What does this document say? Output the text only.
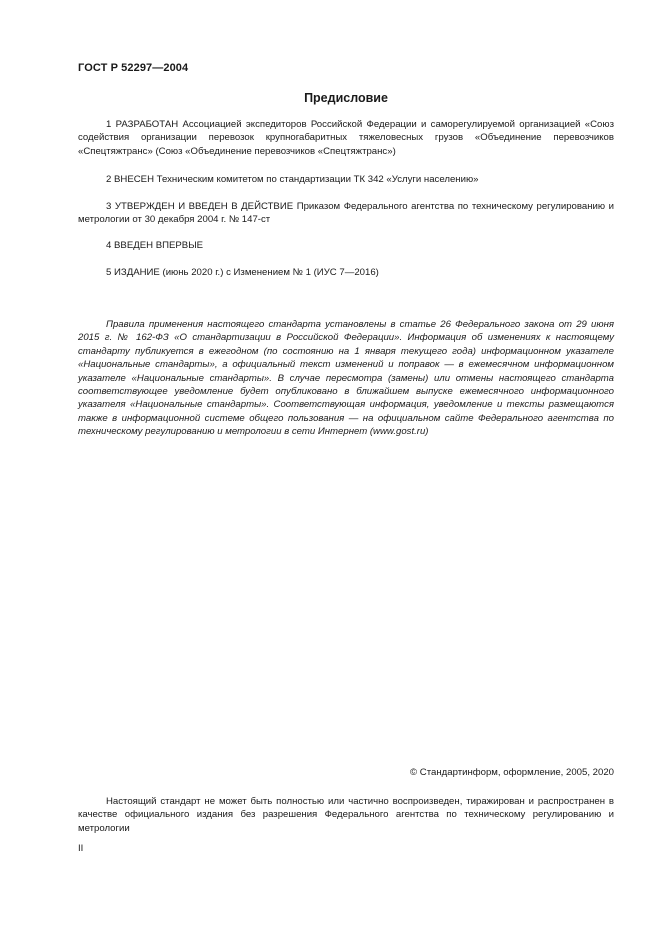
ГОСТ Р 52297—2004
Предисловие

1 РАЗРАБОТАН Ассоциацией экспедиторов Российской Федерации и саморегулируемой организацией «Союз содействия организации перевозок крупногабаритных тяжеловесных грузов «Объединение перевозчиков «Спецтяжтранс» (Союз «Объединение перевозчиков «Спецтяжтранс»)

2 ВНЕСЕН Техническим комитетом по стандартизации ТК 342 «Услуги населению»

3 УТВЕРЖДЕН И ВВЕДЕН В ДЕЙСТВИЕ Приказом Федерального агентства по техническому регулированию и метрологии от 30 декабря 2004 г. № 147-ст

4 ВВЕДЕН ВПЕРВЫЕ

5 ИЗДАНИЕ (июнь 2020 г.) с Изменением № 1 (ИУС 7—2016)

Правила применения настоящего стандарта установлены в статье 26 Федерального закона от 29 июня 2015 г. № 162-ФЗ «О стандартизации в Российской Федерации». Информация об изменениях к настоящему стандарту публикуется в ежегодном (по состоянию на 1 января текущего года) информационном указателе «Национальные стандарты», а официальный текст изменений и поправок — в ежемесячном информационном указателе «Национальные стандарты». В случае пересмотра (замены) или отмены настоящего стандарта соответствующее уведомление будет опубликовано в ближайшем выпуске ежемесячного информационного указателя «Национальные стандарты». Соответствующая информация, уведомление и тексты размещаются также в информационной системе общего пользования — на официальном сайте Федерального агентства по техническому регулированию и метрологии в сети Интернет (www.gost.ru)

© Стандартинформ, оформление, 2005, 2020

Настоящий стандарт не может быть полностью или частично воспроизведен, тиражирован и распространен в качестве официального издания без разрешения Федерального агентства по техническому регулированию и метрологии

II
